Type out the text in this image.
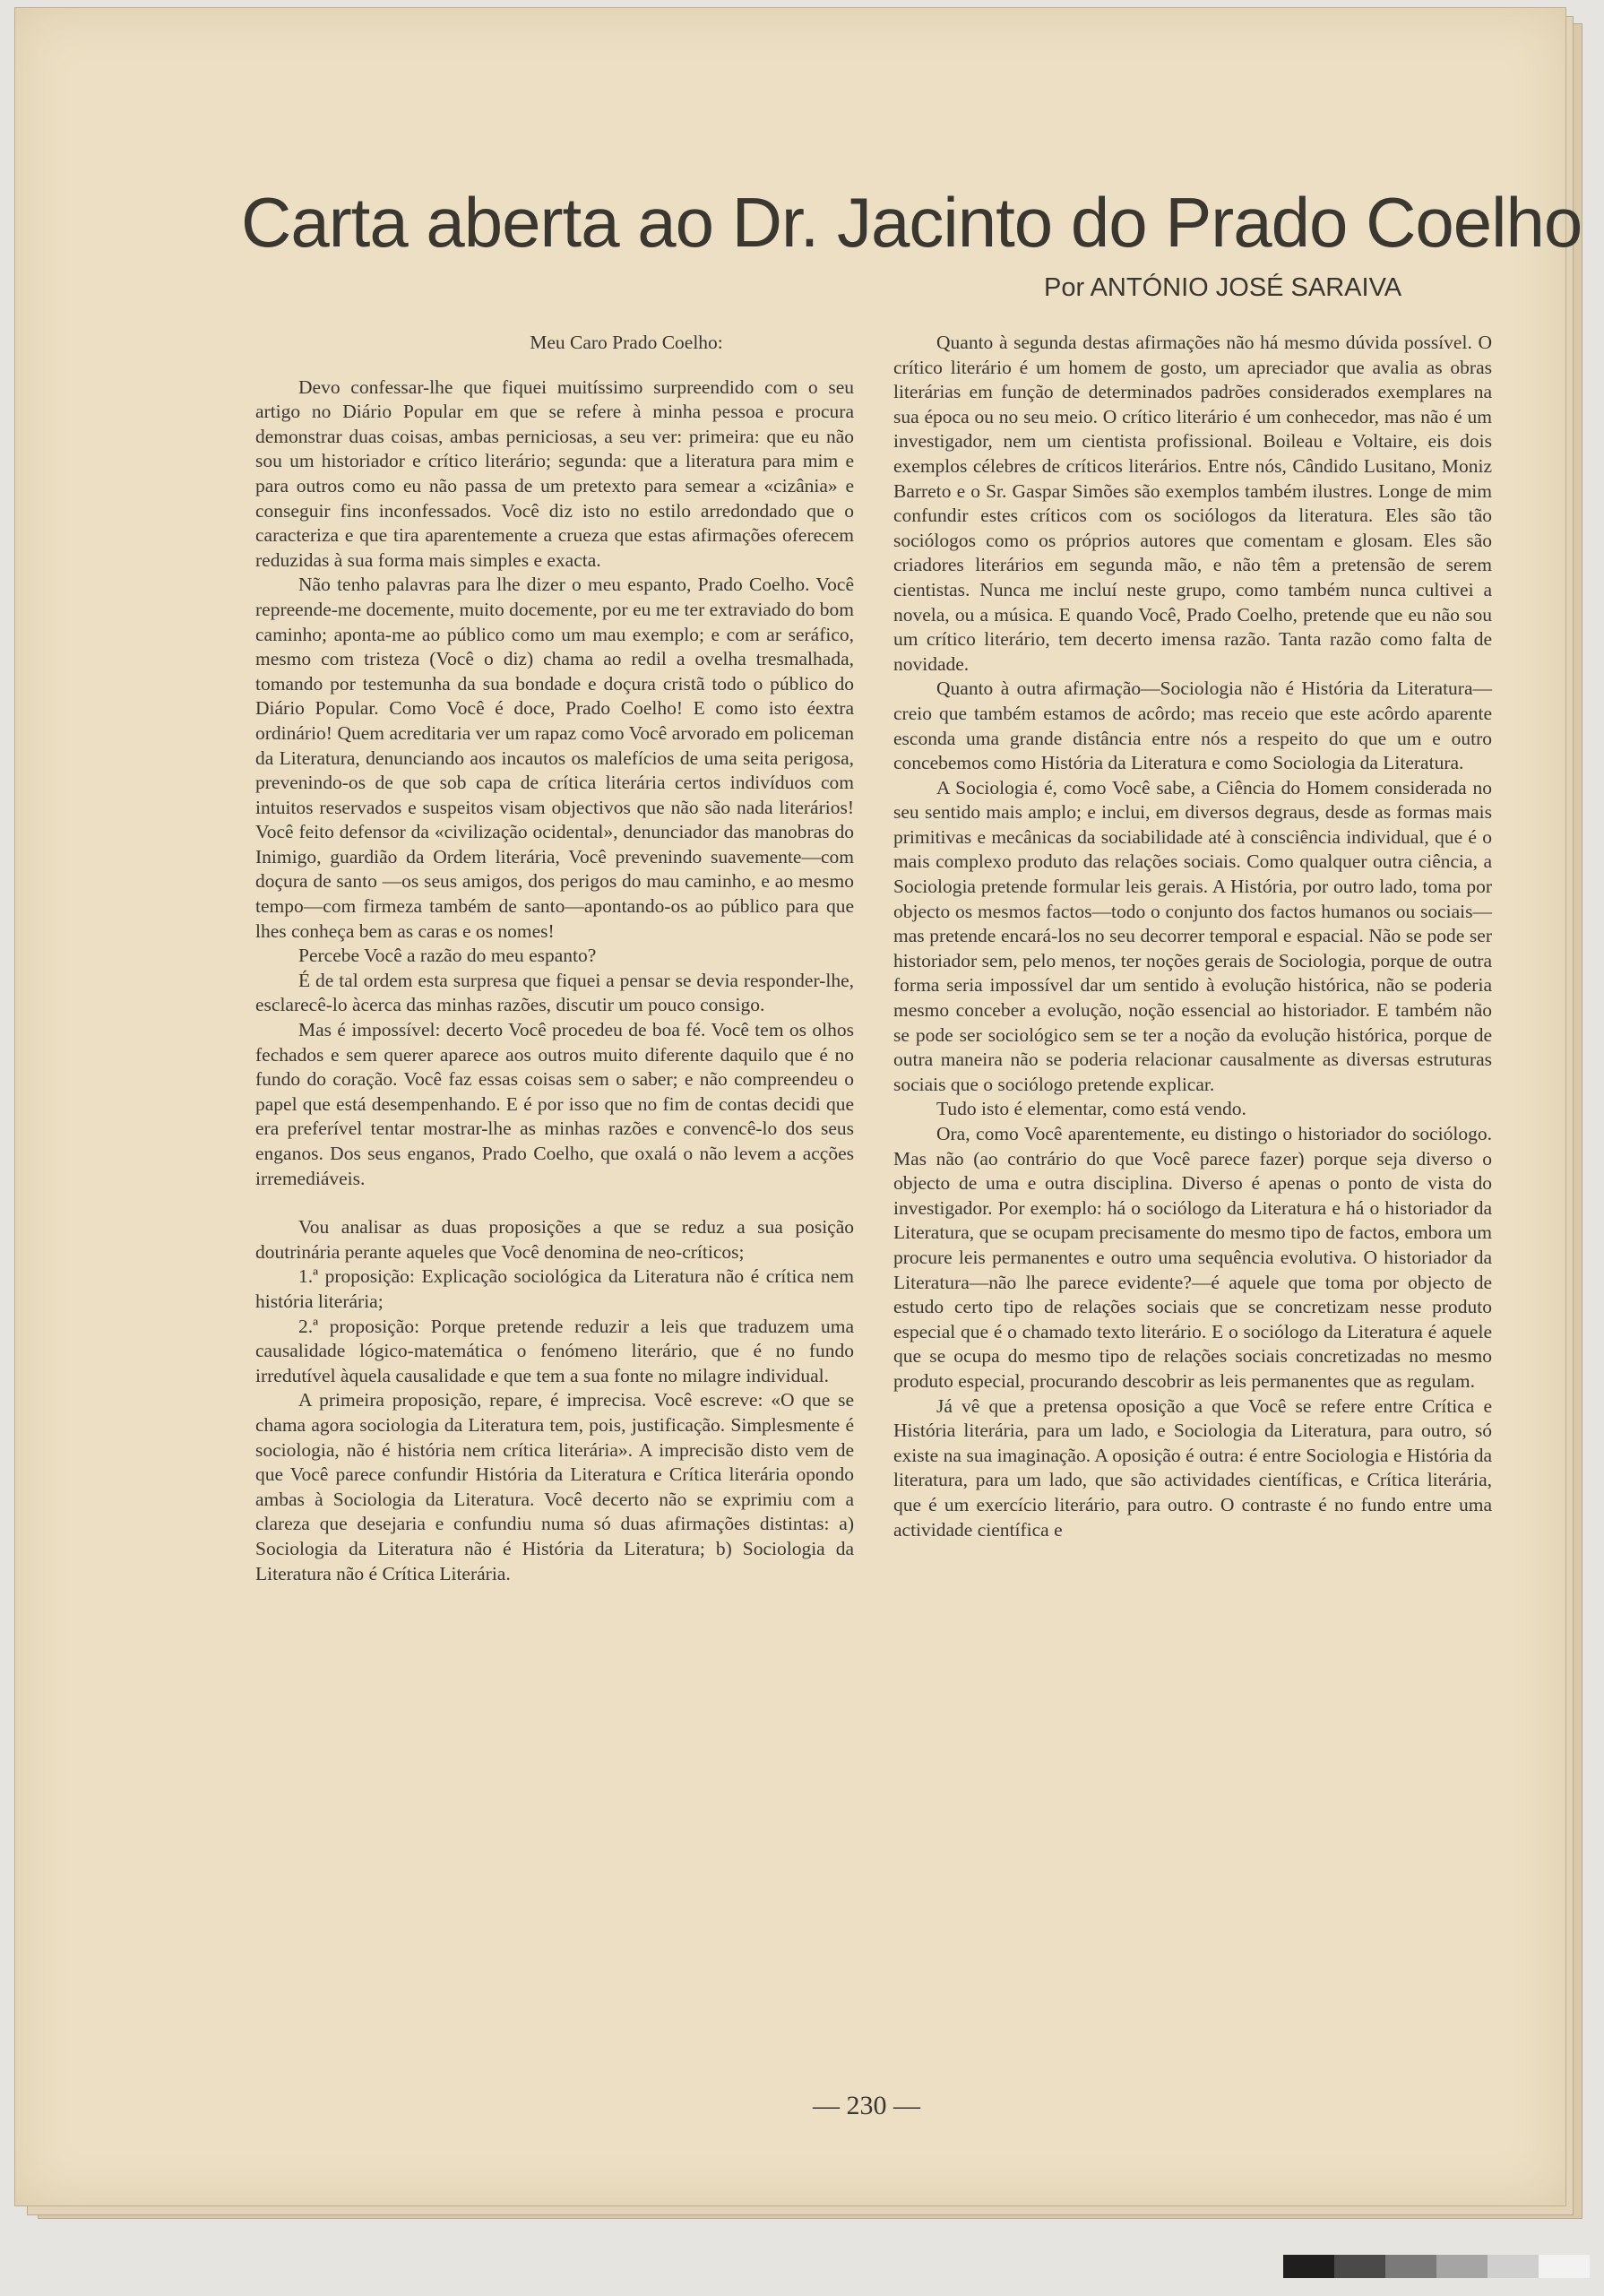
Carta aberta ao Dr. Jacinto do Prado Coelho
Por ANTÓNIO JOSÉ SARAIVA

Meu Caro Prado Coelho:

Devo confessar-lhe que fiquei muitíssimo surpreendido com o seu artigo no Diário Popular em que se refere à minha pessoa e procura demonstrar duas coisas, ambas perniciosas, a seu ver: primeira: que eu não sou um historiador e crítico literário; segunda: que a literatura para mim e para outros como eu não passa de um pretexto para semear a «cizânia» e conseguir fins inconfessados. Você diz isto no estilo arredondado que o caracteriza e que tira aparentemente a crueza que estas afirmações oferecem reduzidas à sua forma mais simples e exacta.

Não tenho palavras para lhe dizer o meu espanto, Prado Coelho. Você repreende-me docemente, muito docemente, por eu me ter extraviado do bom caminho; aponta-me ao público como um mau exemplo; e com ar seráfico, mesmo com tristeza (Você o diz) chama ao redil a ovelha tresmalhada, tomando por testemunha da sua bondade e doçura cristã todo o público do Diário Popular. Como Você é doce, Prado Coelho! E como isto éextra ordinário! Quem acreditaria ver um rapaz como Você arvorado em policeman da Literatura, denunciando aos incautos os malefícios de uma seita perigosa, prevenindo-os de que sob capa de crítica literária certos indivíduos com intuitos reservados e suspeitos visam objectivos que não são nada literários! Você feito defensor da «civilização ocidental», denunciador das manobras do Inimigo, guardião da Ordem literária, Você prevenindo suavemente—com doçura de santo —os seus amigos, dos perigos do mau caminho, e ao mesmo tempo—com firmeza também de santo—apontando-os ao público para que lhes conheça bem as caras e os nomes!

Percebe Você a razão do meu espanto?

É de tal ordem esta surpresa que fiquei a pensar se devia responder-lhe, esclarecê-lo àcerca das minhas razões, discutir um pouco consigo.

Mas é impossível: decerto Você procedeu de boa fé. Você tem os olhos fechados e sem querer aparece aos outros muito diferente daquilo que é no fundo do coração. Você faz essas coisas sem o saber; e não compreendeu o papel que está desempenhando. E é por isso que no fim de contas decidi que era preferível tentar mostrar-lhe as minhas razões e convencê-lo dos seus enganos. Dos seus enganos, Prado Coelho, que oxalá o não levem a acções irremediáveis.

Vou analisar as duas proposições a que se reduz a sua posição doutrinária perante aqueles que Você denomina de neo-críticos;

1.ª proposição: Explicação sociológica da Literatura não é crítica nem história literária;

2.ª proposição: Porque pretende reduzir a leis que traduzem uma causalidade lógico-matemática o fenómeno literário, que é no fundo irredutível àquela causalidade e que tem a sua fonte no milagre individual.

A primeira proposição, repare, é imprecisa. Você escreve: «O que se chama agora sociologia da Literatura tem, pois, justificação. Simplesmente é sociologia, não é história nem crítica literária». A imprecisão disto vem de que Você parece confundir História da Literatura e Crítica literária opondo ambas à Sociologia da Literatura. Você decerto não se exprimiu com a clareza que desejaria e confundiu numa só duas afirmações distintas: a) Sociologia da Literatura não é História da Literatura; b) Sociologia da Literatura não é Crítica Literária.

Quanto à segunda destas afirmações não há mesmo dúvida possível. O crítico literário é um homem de gosto, um apreciador que avalia as obras literárias em função de determinados padrões considerados exemplares na sua época ou no seu meio. O crítico literário é um conhecedor, mas não é um investigador, nem um cientista profissional. Boileau e Voltaire, eis dois exemplos célebres de críticos literários. Entre nós, Cândido Lusitano, Moniz Barreto e o Sr. Gaspar Simões são exemplos também ilustres. Longe de mim confundir estes críticos com os sociólogos da literatura. Eles são tão sociólogos como os próprios autores que comentam e glosam. Eles são criadores literários em segunda mão, e não têm a pretensão de serem cientistas. Nunca me incluí neste grupo, como também nunca cultivei a novela, ou a música. E quando Você, Prado Coelho, pretende que eu não sou um crítico literário, tem decerto imensa razão. Tanta razão como falta de novidade.

Quanto à outra afirmação—Sociologia não é História da Literatura—creio que também estamos de acôrdo; mas receio que este acôrdo aparente esconda uma grande distância entre nós a respeito do que um e outro concebemos como História da Literatura e como Sociologia da Literatura.

A Sociologia é, como Você sabe, a Ciência do Homem considerada no seu sentido mais amplo; e inclui, em diversos degraus, desde as formas mais primitivas e mecânicas da sociabilidade até à consciência individual, que é o mais complexo produto das relações sociais. Como qualquer outra ciência, a Sociologia pretende formular leis gerais. A História, por outro lado, toma por objecto os mesmos factos—todo o conjunto dos factos humanos ou sociais—mas pretende encará-los no seu decorrer temporal e espacial. Não se pode ser historiador sem, pelo menos, ter noções gerais de Sociologia, porque de outra forma seria impossível dar um sentido à evolução histórica, não se poderia mesmo conceber a evolução, noção essencial ao historiador. E também não se pode ser sociológico sem se ter a noção da evolução histórica, porque de outra maneira não se poderia relacionar causalmente as diversas estruturas sociais que o sociólogo pretende explicar.

Tudo isto é elementar, como está vendo.

Ora, como Você aparentemente, eu distingo o historiador do sociólogo. Mas não (ao contrário do que Você parece fazer) porque seja diverso o objecto de uma e outra disciplina. Diverso é apenas o ponto de vista do investigador. Por exemplo: há o sociólogo da Literatura e há o historiador da Literatura, que se ocupam precisamente do mesmo tipo de factos, embora um procure leis permanentes e outro uma sequência evolutiva. O historiador da Literatura—não lhe parece evidente?—é aquele que toma por objecto de estudo certo tipo de relações sociais que se concretizam nesse produto especial que é o chamado texto literário. E o sociólogo da Literatura é aquele que se ocupa do mesmo tipo de relações sociais concretizadas no mesmo produto especial, procurando descobrir as leis permanentes que as regulam.

Já vê que a pretensa oposição a que Você se refere entre Crítica e História literária, para um lado, e Sociologia da Literatura, para outro, só existe na sua imaginação. A oposição é outra: é entre Sociologia e História da literatura, para um lado, que são actividades científicas, e Crítica literária, que é um exercício literário, para outro. O contraste é no fundo entre uma actividade científica e

— 230 —
